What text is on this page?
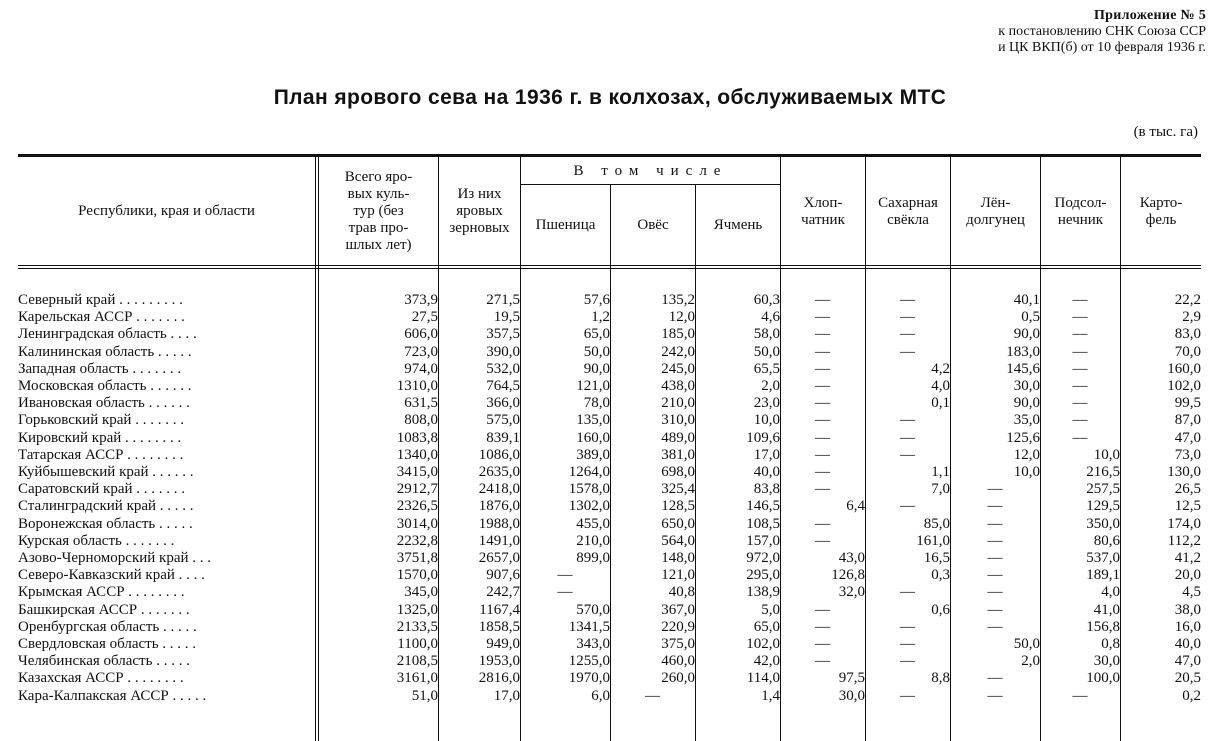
Приложение № 5
к постановлению СНК Союза ССР
и ЦК ВКП(б) от 10 февраля 1936 г.
План ярового сева на 1936 г. в колхозах, обслуживаемых МТС
(в тыс. га)
Республики, края и области
Всего яро-
вых куль-
тур (без
трав про-
шлых лет)
Из них
яровых
зерновых
В том числе
Пшеница	Овёс	Ячмень
Хлоп-
чатник
Сахарная
свёкла
Лён-
долгунец
Подсол-
нечник
Карто-
фель
Северный край . . . . . . . . .	373,9	271,5	57,6	135,2	60,3	—	—	40,1	—	22,2
Карельская АССР . . . . . . .	27,5	19,5	1,2	12,0	4,6	—	—	0,5	—	2,9
Ленинградская область . . . .	606,0	357,5	65,0	185,0	58,0	—	—	90,0	—	83,0
Калининская область . . . . .	723,0	390,0	50,0	242,0	50,0	—	—	183,0	—	70,0
Западная область . . . . . . .	974,0	532,0	90,0	245,0	65,5	—	4,2	145,6	—	160,0
Московская область . . . . . .	1310,0	764,5	121,0	438,0	2,0	—	4,0	30,0	—	102,0
Ивановская область . . . . . .	631,5	366,0	78,0	210,0	23,0	—	0,1	90,0	—	99,5
Горьковский край . . . . . . .	808,0	575,0	135,0	310,0	10,0	—	—	35,0	—	87,0
Кировский край . . . . . . . .	1083,8	839,1	160,0	489,0	109,6	—	—	125,6	—	47,0
Татарская АССР . . . . . . . .	1340,0	1086,0	389,0	381,0	17,0	—	—	12,0	10,0	73,0
Куйбышевский край . . . . . .	3415,0	2635,0	1264,0	698,0	40,0	—	1,1	10,0	216,5	130,0
Саратовский край . . . . . . .	2912,7	2418,0	1578,0	325,4	83,8	—	7,0	—	257,5	26,5
Сталинградский край . . . . .	2326,5	1876,0	1302,0	128,5	146,5	6,4	—	—	129,5	12,5
Воронежская область . . . . .	3014,0	1988,0	455,0	650,0	108,5	—	85,0	—	350,0	174,0
Курская область . . . . . . .	2232,8	1491,0	210,0	564,0	157,0	—	161,0	—	80,6	112,2
Азово-Черноморский край . . .	3751,8	2657,0	899,0	148,0	972,0	43,0	16,5	—	537,0	41,2
Северо-Кавказский край . . . .	1570,0	907,6	—	121,0	295,0	126,8	0,3	—	189,1	20,0
Крымская АССР . . . . . . . .	345,0	242,7	—	40,8	138,9	32,0	—	—	4,0	4,5
Башкирская АССР . . . . . . .	1325,0	1167,4	570,0	367,0	5,0	—	0,6	—	41,0	38,0
Оренбургская область . . . . .	2133,5	1858,5	1341,5	220,9	65,0	—	—	—	156,8	16,0
Свердловская область . . . . .	1100,0	949,0	343,0	375,0	102,0	—	—	50,0	0,8	40,0
Челябинская область . . . . .	2108,5	1953,0	1255,0	460,0	42,0	—	—	2,0	30,0	47,0
Казахская АССР . . . . . . . .	3161,0	2816,0	1970,0	260,0	114,0	97,5	8,8	—	100,0	20,5
Кара-Калпакская АССР . . . . .	51,0	17,0	6,0	—	1,4	30,0	—	—	—	0,2
